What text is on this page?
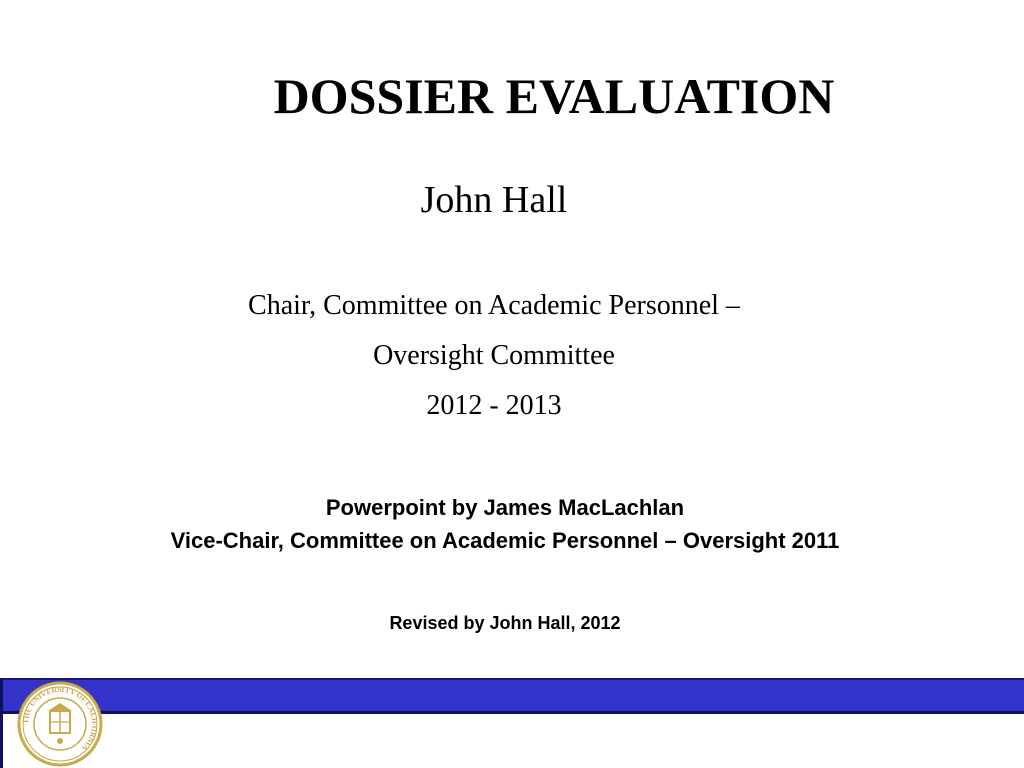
DOSSIER EVALUATION
John Hall
Chair, Committee on Academic Personnel –
Oversight Committee
2012 - 2013
Powerpoint by James MacLachlan
Vice-Chair, Committee on Academic Personnel – Oversight 2011
Revised by John Hall, 2012
THE UNIVERSITY OF CALIFORNIA
